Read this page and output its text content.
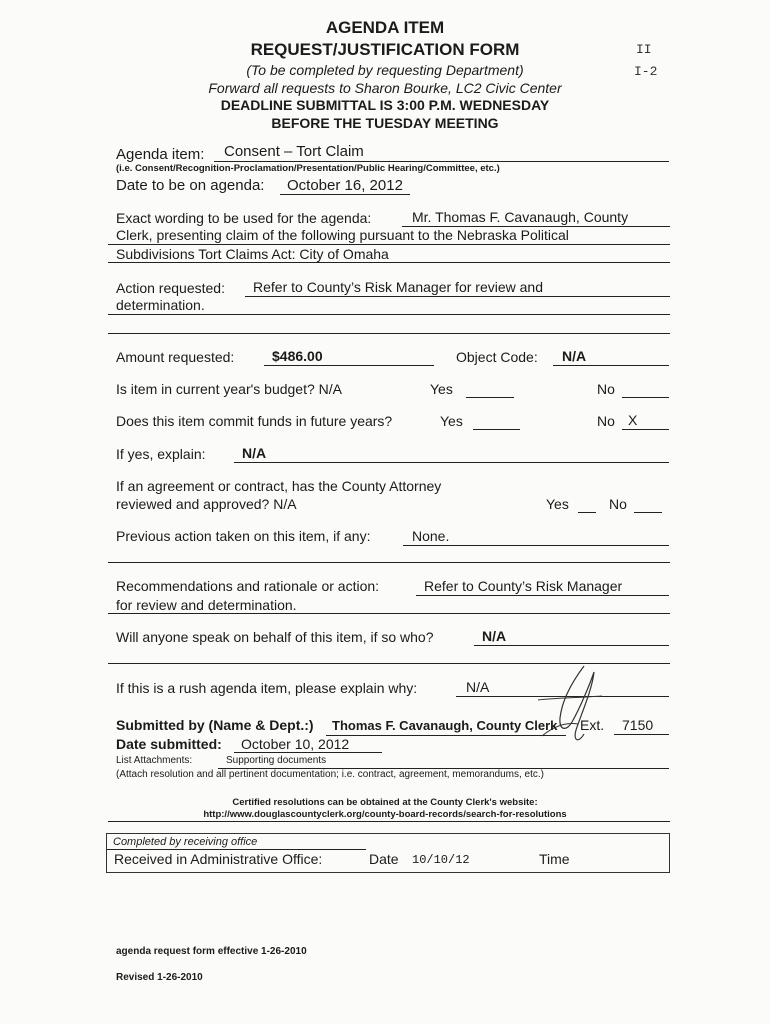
AGENDA ITEM
REQUEST/JUSTIFICATION FORM
(To be completed by requesting Department)
Forward all requests to Sharon Bourke, LC2 Civic Center
DEADLINE SUBMITTAL IS 3:00 P.M. WEDNESDAY
BEFORE THE TUESDAY MEETING
II
I-2
Agenda item: Consent – Tort Claim
(i.e. Consent/Recognition-Proclamation/Presentation/Public Hearing/Committee, etc.)
Date to be on agenda: October 16, 2012
Exact wording to be used for the agenda:	Mr. Thomas F. Cavanaugh, County
Clerk, presenting claim of the following pursuant to the Nebraska Political
Subdivisions Tort Claims Act: City of Omaha
Action requested: Refer to County’s Risk Manager for review and
determination.
Amount requested:	$486.00	Object Code: N/A
Is item in current year's budget? N/A	Yes	No
Does this item commit funds in future years?	Yes	No X
If yes, explain:	N/A
If an agreement or contract, has the County Attorney
reviewed and approved? N/A	Yes	No
Previous action taken on this item, if any:	None.
Recommendations and rationale or action:	Refer to County’s Risk Manager
for review and determination.
Will anyone speak on behalf of this item, if so who?	N/A
If this is a rush agenda item, please explain why:	N/A
Submitted by (Name & Dept.:) Thomas F. Cavanaugh, County Clerk Ext. 7150
Date submitted: October 10, 2012
List Attachments:	Supporting documents
(Attach resolution and all pertinent documentation; i.e. contract, agreement, memorandums, etc.)
Certified resolutions can be obtained at the County Clerk's website:
http://www.douglascountyclerk.org/county-board-records/search-for-resolutions
Completed by receiving office
Received in Administrative Office:	Date 10/10/12	Time
agenda request form effective 1-26-2010
Revised 1-26-2010
